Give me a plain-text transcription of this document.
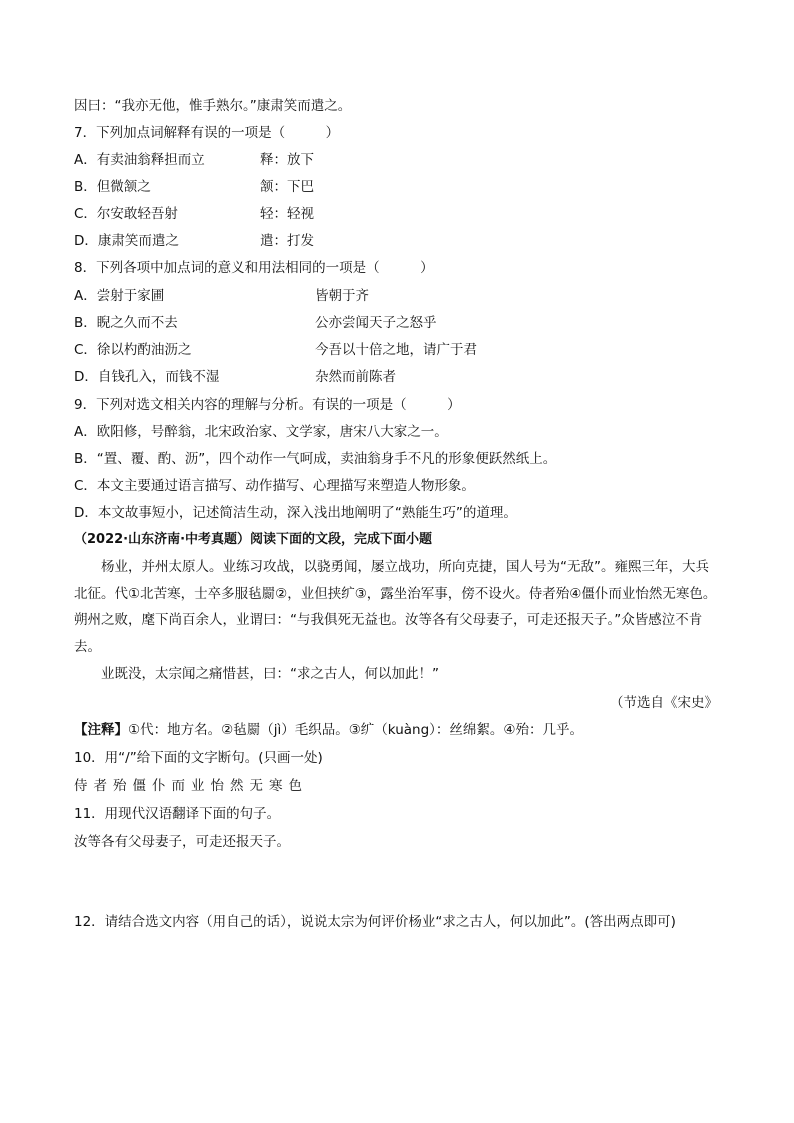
因曰：“我亦无他，惟手熟尔。”康肃笑而遣之。
7．下列加点词解释有误的一项是（　　　）
A．有卖油翁释担而立	释：放下
B．但微颔之	颔：下巴
C．尔安敢轻吾射	轻：轻视
D．康肃笑而遣之	遣：打发
8．下列各项中加点词的意义和用法相同的一项是（　　　）
A．尝射于家圃	皆朝于齐
B．睨之久而不去	公亦尝闻天子之怒乎
C．徐以杓酌油沥之	今吾以十倍之地，请广于君
D．自钱孔入，而钱不湿	杂然而前陈者
9．下列对选文相关内容的理解与分析。有误的一项是（　　　）
A．欧阳修，号醉翁，北宋政治家、文学家，唐宋八大家之一。
B．“置、覆、酌、沥”，四个动作一气呵成，卖油翁身手不凡的形象便跃然纸上。
C．本文主要通过语言描写、动作描写、心理描写来塑造人物形象。
D．本文故事短小，记述简洁生动，深入浅出地阐明了“熟能生巧”的道理。
（2022·山东济南·中考真题）阅读下面的文段，完成下面小题
杨业，并州太原人。业练习攻战，以骁勇闻，屡立战功，所向克捷，国人号为“无敌”。雍熙三年，大兵北征。代①北苦寒，士卒多服毡罽②，业但挟纩③，露坐治军事，傍不设火。侍者殆④僵仆而业怡然无寒色。朔州之败，麾下尚百余人，业谓曰：“与我俱死无益也。汝等各有父母妻子，可走还报天子。”众皆感泣不肯去。
业既没，太宗闻之痛惜甚，曰：“求之古人，何以加此！”
（节选自《宋史》
【注释】①代：地方名。②毡罽（jì）毛织品。③纩（kuàng）：丝绵絮。④殆：几乎。
10．用“/”给下面的文字断句。(只画一处)
侍者殆僵仆而业怡然无寒色
11．用现代汉语翻译下面的句子。
汝等各有父母妻子，可走还报天子。
12．请结合选文内容（用自己的话），说说太宗为何评价杨业“求之古人，何以加此”。(答出两点即可)
